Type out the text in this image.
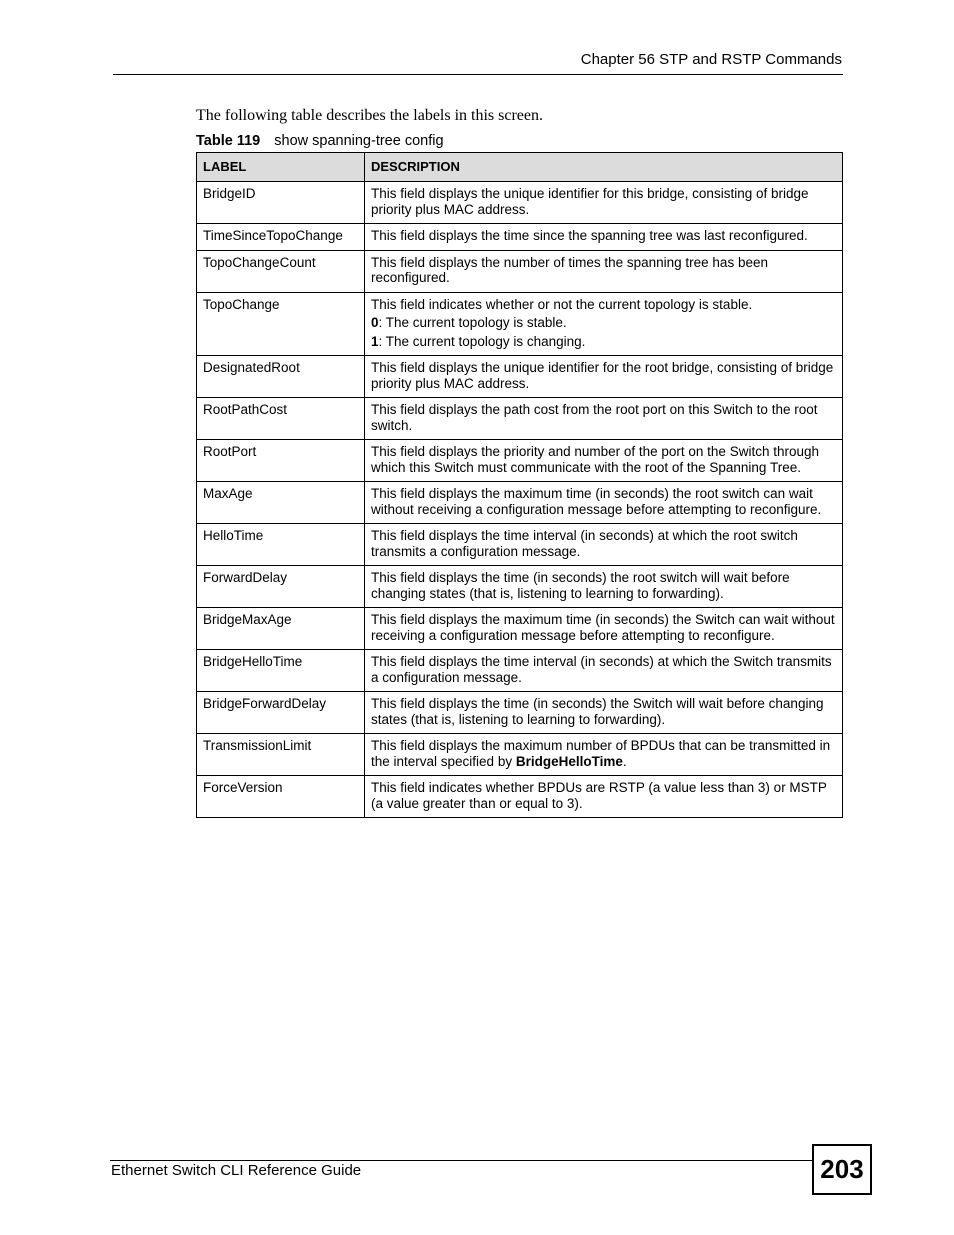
Chapter 56 STP and RSTP Commands
The following table describes the labels in this screen.
Table 119 show spanning-tree config
LABEL	DESCRIPTION
BridgeID	This field displays the unique identifier for this bridge, consisting of bridge priority plus MAC address.
TimeSinceTopoChange	This field displays the time since the spanning tree was last reconfigured.
TopoChangeCount	This field displays the number of times the spanning tree has been reconfigured.
TopoChange	This field indicates whether or not the current topology is stable.

0: The current topology is stable.

1: The current topology is changing.

DesignatedRoot	This field displays the unique identifier for the root bridge, consisting of bridge priority plus MAC address.
RootPathCost	This field displays the path cost from the root port on this Switch to the root switch.
RootPort	This field displays the priority and number of the port on the Switch through which this Switch must communicate with the root of the Spanning Tree.
MaxAge	This field displays the maximum time (in seconds) the root switch can wait without receiving a configuration message before attempting to reconfigure.
HelloTime	This field displays the time interval (in seconds) at which the root switch transmits a configuration message.
ForwardDelay	This field displays the time (in seconds) the root switch will wait before changing states (that is, listening to learning to forwarding).
BridgeMaxAge	This field displays the maximum time (in seconds) the Switch can wait without receiving a configuration message before attempting to reconfigure.
BridgeHelloTime	This field displays the time interval (in seconds) at which the Switch transmits a configuration message.
BridgeForwardDelay	This field displays the time (in seconds) the Switch will wait before changing states (that is, listening to learning to forwarding).
TransmissionLimit	This field displays the maximum number of BPDUs that can be transmitted in the interval specified by BridgeHelloTime.
ForceVersion	This field indicates whether BPDUs are RSTP (a value less than 3) or MSTP (a value greater than or equal to 3).
Ethernet Switch CLI Reference Guide	203
